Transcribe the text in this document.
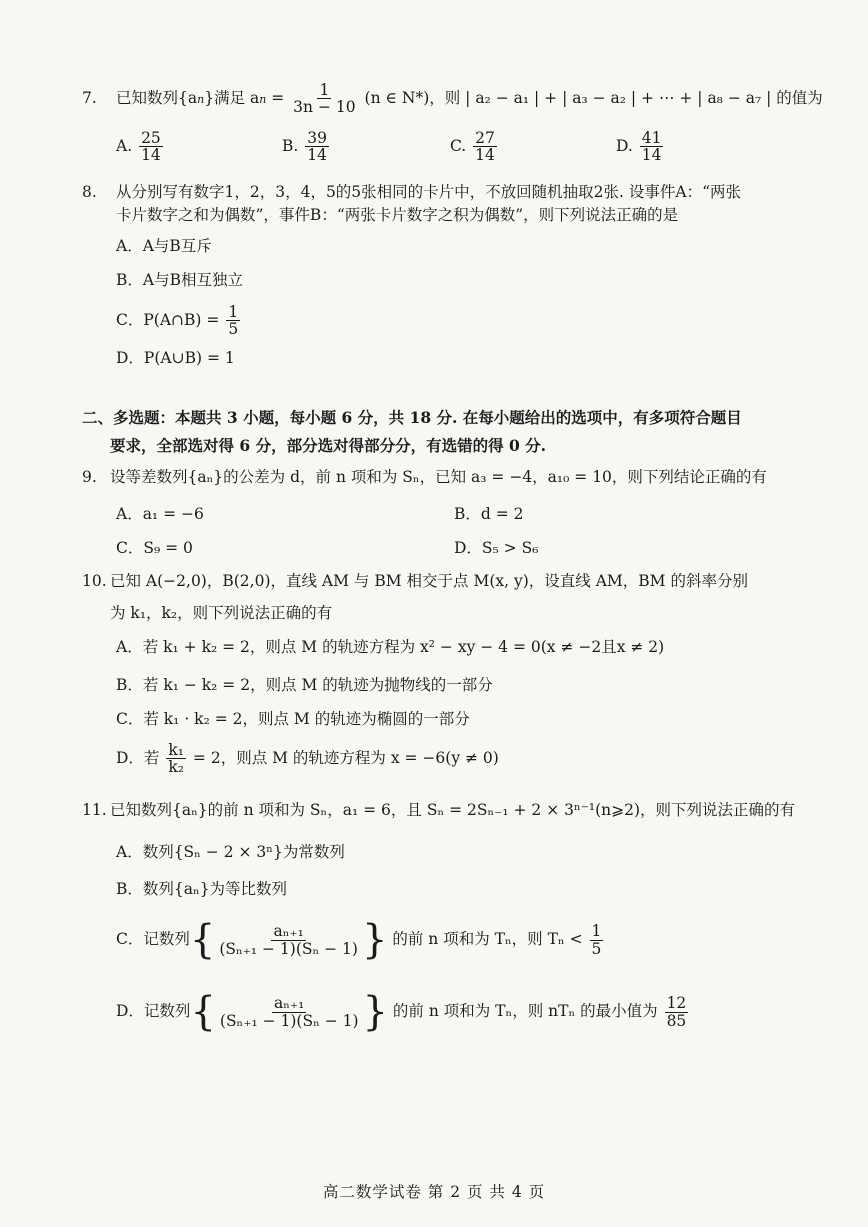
7. 已知数列{an}满足 an = $\frac{1}{3n - 10} (n$ ∈ N*)，则 | a₂ − a₁ | + | a₃ − a₂ | + ⋯ + | a₈ − a₇ | 的值为
A. $\frac{25}{14}$	B. $\frac{39}{14}$	C. $\frac{27}{14}$	D. $\frac{41}{14}$
8. 从分别写有数字1，2，3，4，5的5张相同的卡片中，不放回随机抽取2张. 设事件A：“两张
卡片数字之和为偶数”，事件B：“两张卡片数字之积为偶数”，则下列说法正确的是
A．A与B互斥
B．A与B相互独立
C．P(A∩B) = $\frac{1}{5}$
D．P(A∪B) = 1
二、多选题：本题共 3 小题，每小题 6 分，共 18 分. 在每小题给出的选项中，有多项符合题目
要求，全部选对得 6 分，部分选对得部分分，有选错的得 0 分.
9. 设等差数列{aₙ}的公差为 d，前 n 项和为 Sₙ，已知 a₃ = −4，a₁₀ = 10，则下列结论正确的有
A．a₁ = −6	B．d = 2
C．S₉ = 0	D．S₅ > S₆
10. 已知 A(−2,0)，B(2,0)，直线 AM 与 BM 相交于点 M(x, y)，设直线 AM，BM 的斜率分别
为 k₁，k₂，则下列说法正确的有
A．若 k₁ + k₂ = 2，则点 M 的轨迹方程为 x² − xy − 4 = 0(x ≠ −2且x ≠ 2)
B．若 k₁ − k₂ = 2，则点 M 的轨迹为抛物线的一部分
C．若 k₁ · k₂ = 2，则点 M 的轨迹为椭圆的一部分
D．若 $\frac{\text{k₁}}{\text{k₂}} = 2$，则点 M 的轨迹方程为 x = −6(y ≠ 0)
11. 已知数列{aₙ}的前 n 项和为 Sₙ，a₁ = 6，且 Sₙ = 2Sₙ₋₁ + 2 × 3ⁿ⁻¹(n⩾2)，则下列说法正确的有
A．数列{Sₙ − 2 × 3ⁿ}为常数列
B．数列{aₙ}为等比数列
C．记数列{ $\frac{\text{aₙ₊₁}}{\text{(Sₙ₊₁ − 1)(Sₙ − 1)}}$ } 的前 n 项和为 Tₙ，则 $T_n < \frac{1}{5}$
D．记数列{ $\frac{\text{aₙ₊₁}}{\text{(Sₙ₊₁ − 1)(Sₙ − 1)}}$ } 的前 n 项和为 Tₙ，则 nTₙ 的最小值为 $\frac{12}{85}$
高二数学试卷 第 2 页 共 4 页
